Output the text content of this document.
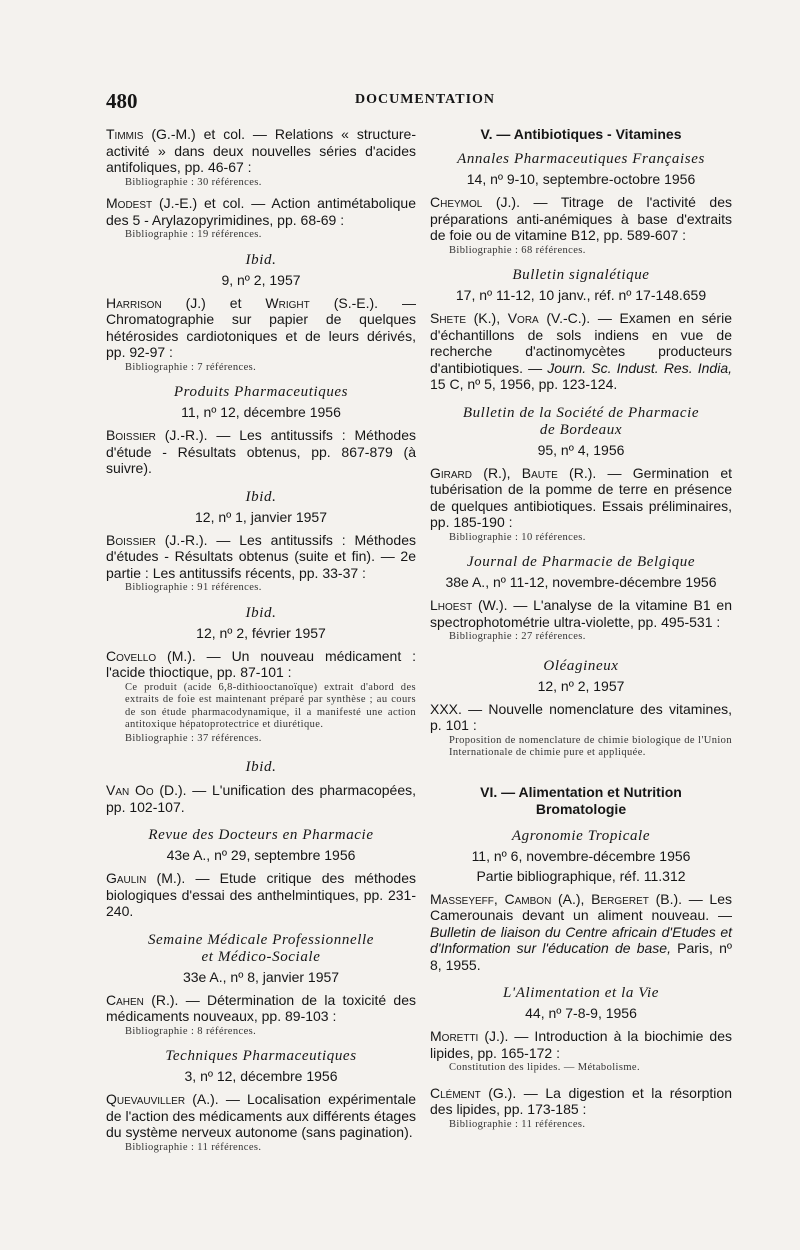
480	DOCUMENTATION
Timmis (G.-M.) et col. — Relations « structure-activité » dans deux nouvelles séries d'acides antifoliques, pp. 46-67 :
Bibliographie : 30 références.
Modest (J.-E.) et col. — Action antimétabolique des 5 - Arylazopyrimidines, pp. 68-69 :
Bibliographie : 19 références.
Ibid.
9, nº 2, 1957
Harrison (J.) et Wright (S.-E.). — Chromatographie sur papier de quelques hétérosides cardiotoniques et de leurs dérivés, pp. 92-97 :
Bibliographie : 7 références.
Produits Pharmaceutiques
11, nº 12, décembre 1956
Boissier (J.-R.). — Les antitussifs : Méthodes d'étude - Résultats obtenus, pp. 867-879 (à suivre).
Ibid.
12, nº 1, janvier 1957
Boissier (J.-R.). — Les antitussifs : Méthodes d'études - Résultats obtenus (suite et fin). — 2e partie : Les antitussifs récents, pp. 33-37 :
Bibliographie : 91 références.
Ibid.
12, nº 2, février 1957
Covello (M.). — Un nouveau médicament : l'acide thioctique, pp. 87-101 :
Ce produit (acide 6,8-dithiooctanoïque) extrait d'abord des extraits de foie est maintenant préparé par synthèse ; au cours de son étude pharmacodynamique, il a manifesté une action antitoxique hépatoprotectrice et diurétique.
Bibliographie : 37 références.
Ibid.
Van Oo (D.). — L'unification des pharmacopées, pp. 102-107.
Revue des Docteurs en Pharmacie
43e A., nº 29, septembre 1956
Gaulin (M.). — Etude critique des méthodes biologiques d'essai des anthelmintiques, pp. 231-240.
Semaine Médicale Professionnelle
et Médico-Sociale
33e A., nº 8, janvier 1957
Cahen (R.). — Détermination de la toxicité des médicaments nouveaux, pp. 89-103 :
Bibliographie : 8 références.
Techniques Pharmaceutiques
3, nº 12, décembre 1956
Quevauviller (A.). — Localisation expérimentale de l'action des médicaments aux différents étages du système nerveux autonome (sans pagination).
Bibliographie : 11 références.
V. — Antibiotiques - Vitamines
Annales Pharmaceutiques Françaises
14, nº 9-10, septembre-octobre 1956
Cheymol (J.). — Titrage de l'activité des préparations anti-anémiques à base d'extraits de foie ou de vitamine B12, pp. 589-607 :
Bibliographie : 68 références.
Bulletin signalétique
17, nº 11-12, 10 janv., réf. nº 17-148.659
Shete (K.), Vora (V.-C.). — Examen en série d'échantillons de sols indiens en vue de recherche d'actinomycètes producteurs d'antibiotiques. — Journ. Sc. Indust. Res. India, 15 C, nº 5, 1956, pp. 123-124.
Bulletin de la Société de Pharmacie
de Bordeaux
95, nº 4, 1956
Girard (R.), Baute (R.). — Germination et tubérisation de la pomme de terre en présence de quelques antibiotiques. Essais préliminaires, pp. 185-190 :
Bibliographie : 10 références.
Journal de Pharmacie de Belgique
38e A., nº 11-12, novembre-décembre 1956
Lhoest (W.). — L'analyse de la vitamine B1 en spectrophotométrie ultra-violette, pp. 495-531 :
Bibliographie : 27 références.
Oléagineux
12, nº 2, 1957
XXX. — Nouvelle nomenclature des vitamines, p. 101 :
Proposition de nomenclature de chimie biologique de l'Union Internationale de chimie pure et appliquée.
VI. — Alimentation et Nutrition
Bromatologie
Agronomie Tropicale
11, nº 6, novembre-décembre 1956
Partie bibliographique, réf. 11.312
Masseyeff, Cambon (A.), Bergeret (B.). — Les Camerounais devant un aliment nouveau. — Bulletin de liaison du Centre africain d'Etudes et d'Information sur l'éducation de base, Paris, nº 8, 1955.
L'Alimentation et la Vie
44, nº 7-8-9, 1956
Moretti (J.). — Introduction à la biochimie des lipides, pp. 165-172 :
Constitution des lipides. — Métabolisme.
Clément (G.). — La digestion et la résorption des lipides, pp. 173-185 :
Bibliographie : 11 références.
